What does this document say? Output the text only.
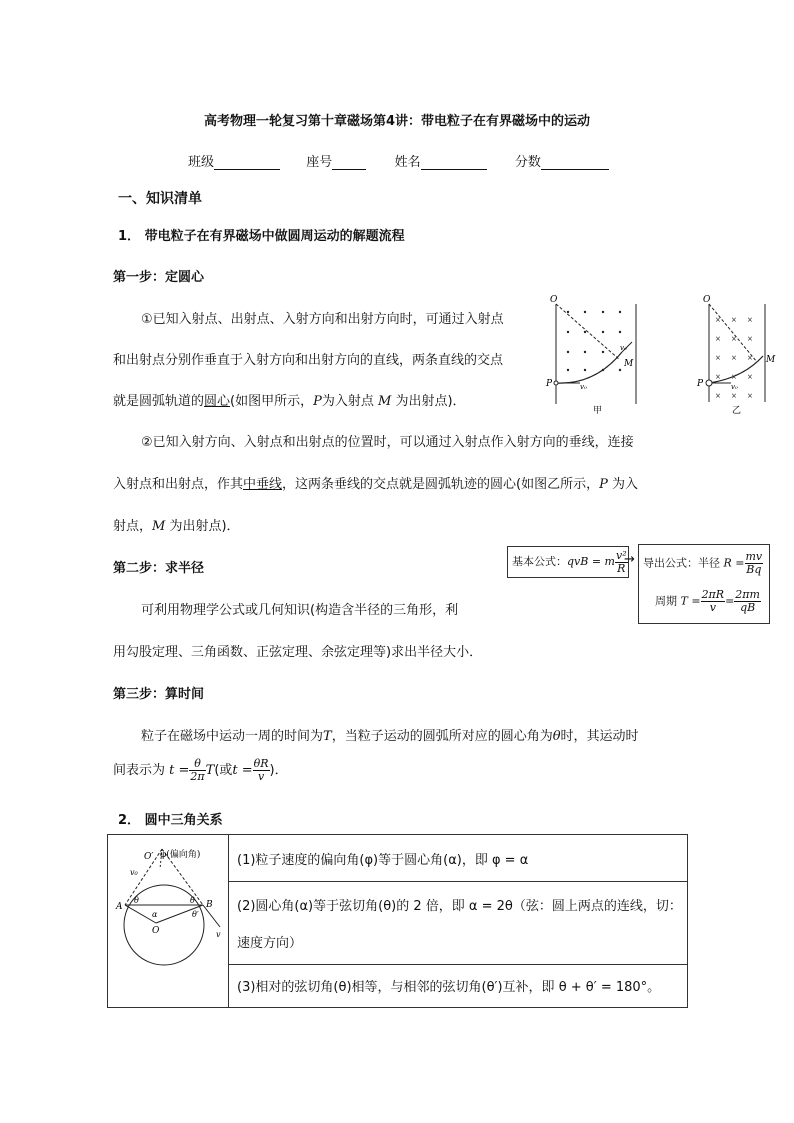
高考物理一轮复习第十章磁场第4讲：带电粒子在有界磁场中的运动
班级	座号	姓名	分数
一、知识清单
1． 带电粒子在有界磁场中做圆周运动的解题流程
第一步：定圆心
①已知入射点、出射点、入射方向和出射方向时，可通过入射点
和出射点分别作垂直于入射方向和出射方向的直线，两条直线的交点
就是圆弧轨道的圆心(如图甲所示，P为入射点 M 为出射点)．
②已知入射方向、入射点和出射点的位置时，可以通过入射点作入射方向的垂线，连接
入射点和出射点，作其中垂线，这两条垂线的交点就是圆弧轨迹的圆心(如图乙所示，P 为入
射点，M 为出射点)．
O
P
M
v₀
v₀
甲
× × ×
× × ×
× × ×
× × ×
× × ×
O
P
M
v₀
乙
第二步：求半径
可利用物理学公式或几何知识(构造含半径的三角形，利
用勾股定理、三角函数、正弦定理、余弦定理等)求出半径大小．
基本公式：qvB = m $\frac{\text{v²}}{R}$
→ 导出公式：半径 $R = \frac{mv}{Bq}$
周期 $T = \frac{2\pi R}{v} = \frac{2\pi m}{qB}$
第三步：算时间
粒子在磁场中运动一周的时间为T，当粒子运动的圆弧所对应的圆心角为θ时，其运动时
间表示为 $t = \frac{\theta}{2\pi} T$(或$t = \frac{\theta R}{v}$ )．
2． 圆中三角关系
O′ φ(偏向角)
v₀
A	B
θ	θ
α	θ′
O	v
	(1)粒子速度的偏向角(φ)等于圆心角(α)，即 φ = α

(2)圆心角(α)等于弦切角(θ)的 2 倍，即 α = 2θ（弦：圆上两点的连线，切：
速度方向）

(3)相对的弦切角(θ)相等，与相邻的弦切角(θ′)互补，即 θ + θ′ = 180°。
